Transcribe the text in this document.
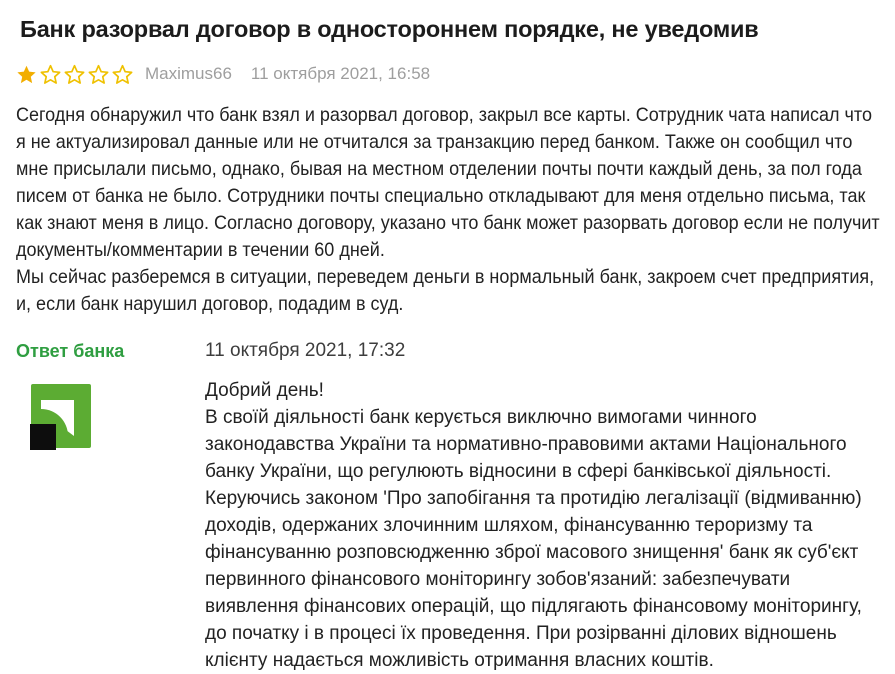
Банк разорвал договор в одностороннем порядке, не уведомив
Maximus66 11 октября 2021, 16:58

Сегодня обнаружил что банк взял и разорвал договор, закрыл все карты. Сотрудник чата написал что я не актуализировал данные или не отчитался за транзакцию перед банком. Также он сообщил что мне присылали письмо, однако, бывая на местном отделении почты почти каждый день, за пол года писем от банка не было. Сотрудники почты специально откладывают для меня отдельно письма, так как знают меня в лицо. Согласно договору, указано что банк может разорвать договор если не получит документы/комментарии в течении 60 дней.

Мы сейчас разберемся в ситуации, переведем деньги в нормальный банк, закроем счет предприятия, и, если банк нарушил договор, подадим в суд.

Ответ банка	11 октября 2021, 17:32
Добрий день!
В своїй діяльності банк керується виключно вимогами чинного законодавства України та нормативно-правовими актами Національного банку України, що регулюють відносини в сфері банківської діяльності. Керуючись законом 'Про запобігання та протидію легалізації (відмиванню) доходів, одержаних злочинним шляхом, фінансуванню тероризму та фінансуванню розповсюдженню зброї масового знищення' банк як суб'єкт первинного фінансового моніторингу зобов'язаний: забезпечувати виявлення фінансових операцій, що підлягають фінансовому моніторингу, до початку і в процесі їх проведення. При розірванні ділових відношень клієнту надається можливість отримання власних коштів.
